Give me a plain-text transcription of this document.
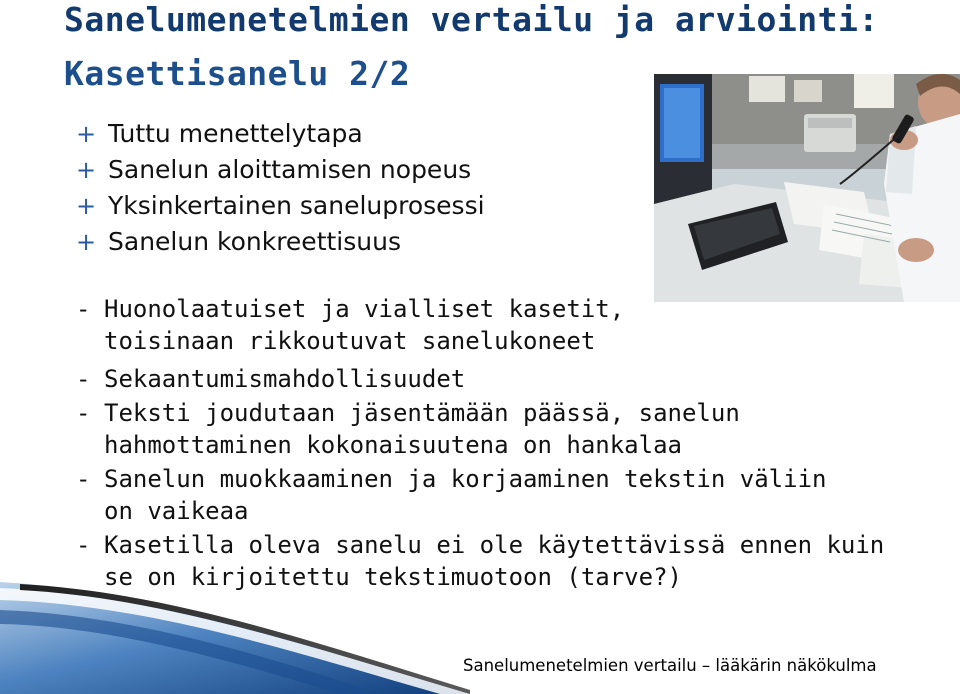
Sanelumenetelmien vertailu ja arviointi:
Kasettisanelu 2/2
+ Tuttu menettelytapa
+ Sanelun aloittamisen nopeus
+ Yksinkertainen saneluprosessi
+ Sanelun konkreettisuus
- Huonolaatuiset ja vialliset kasetit,
toisinaan rikkoutuvat sanelukoneet
- Sekaantumismahdollisuudet
- Teksti joudutaan jäsentämään päässä, sanelun
hahmottaminen kokonaisuutena on hankalaa
- Sanelun muokkaaminen ja korjaaminen tekstin väliin
on vaikeaa
- Kasetilla oleva sanelu ei ole käytettävissä ennen kuin
se on kirjoitettu tekstimuotoon (tarve?)
Sanelumenetelmien vertailu – lääkärin näkökulma
